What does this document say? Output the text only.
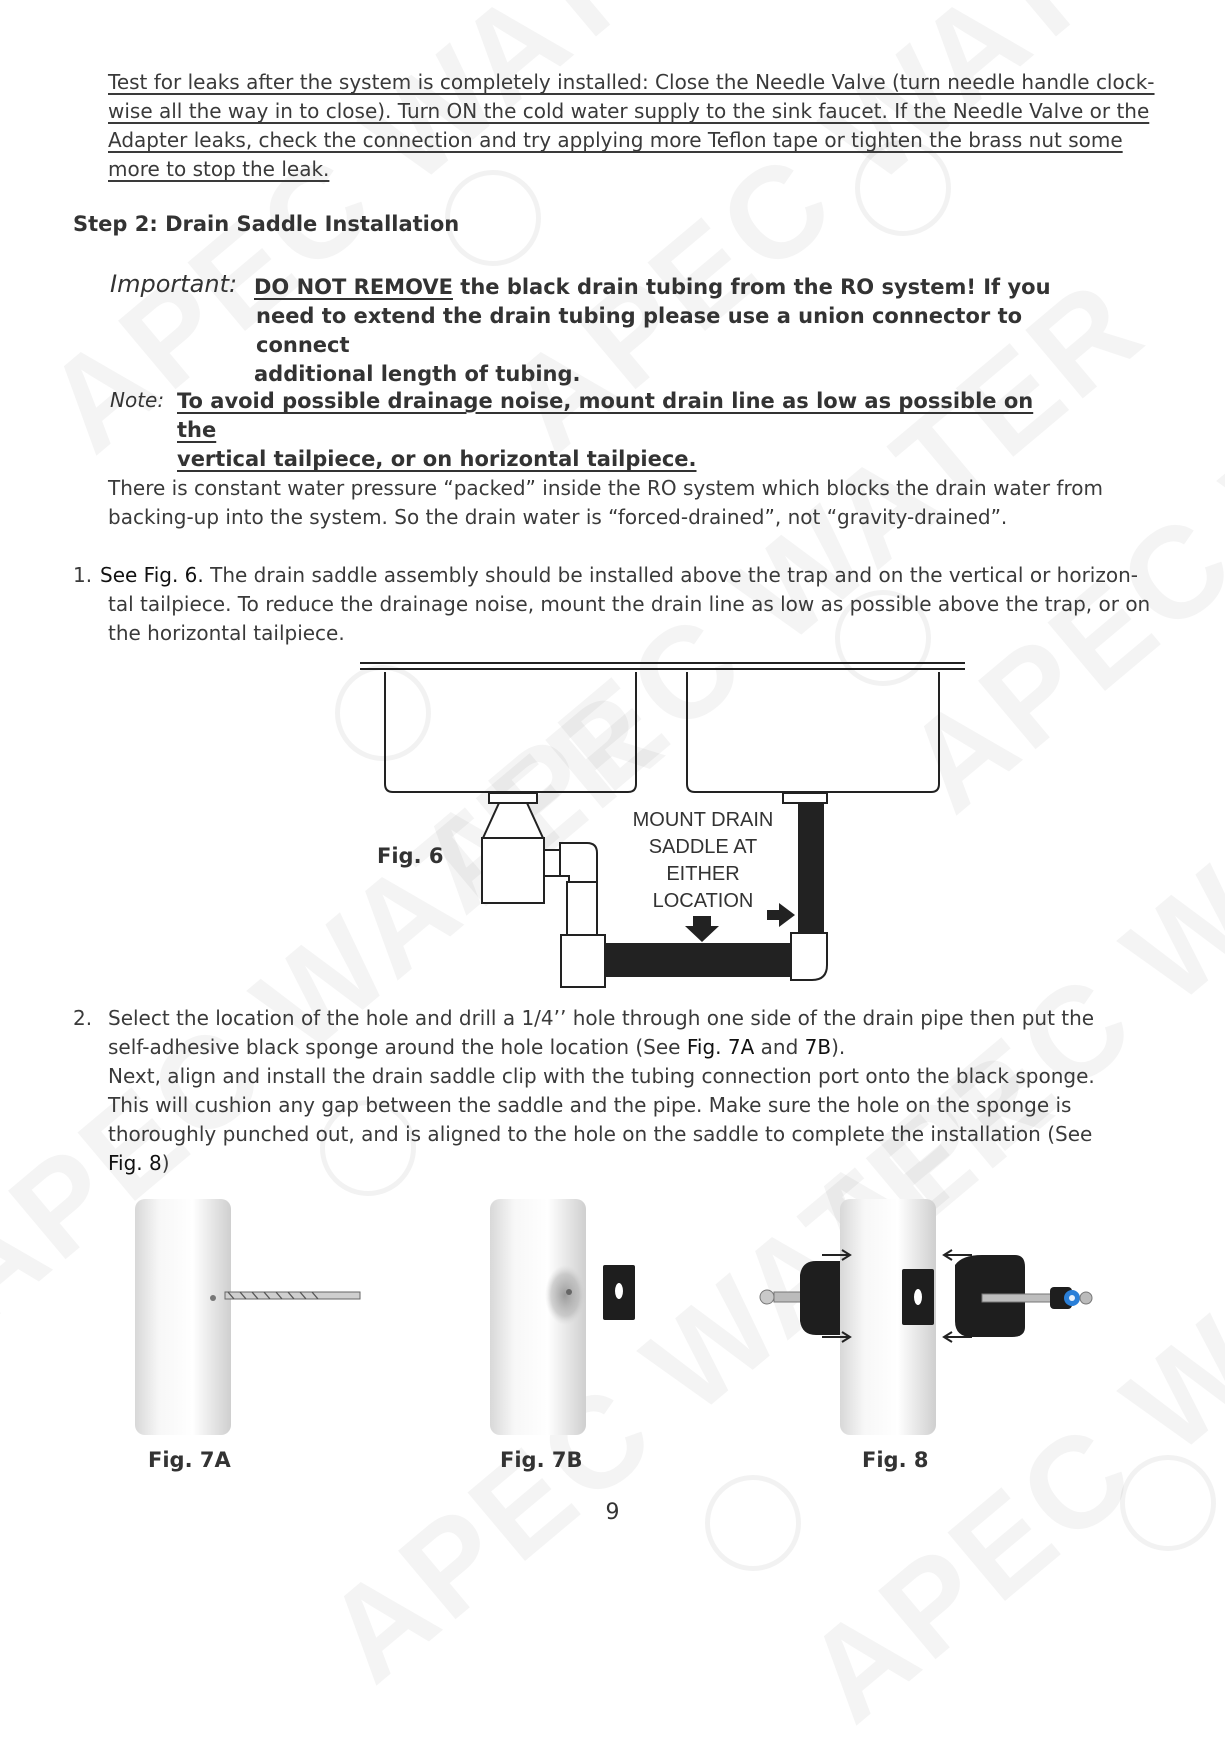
Test for leaks after the system is completely installed: Close the Needle Valve (turn needle handle clock-
wise all the way in to close). Turn ON the cold water supply to the sink faucet. If the Needle Valve or the
Adapter leaks, check the connection and try applying more Teflon tape or tighten the brass nut some
more to stop the leak.
Step 2: Drain Saddle Installation
Important: DO NOT REMOVE the black drain tubing from the RO system! If you
need to extend the drain tubing please use a union connector to connect
additional length of tubing.
Note: To avoid possible drainage noise, mount drain line as low as possible on the
vertical tailpiece, or on horizontal tailpiece.
There is constant water pressure “packed” inside the RO system which blocks the drain water from
backing-up into the system. So the drain water is “forced-drained”, not “gravity-drained”.
1. See Fig. 6. The drain saddle assembly should be installed above the trap and on the vertical or horizon-
tal tailpiece. To reduce the drainage noise, mount the drain line as low as possible above the trap, or on
the horizontal tailpiece.
Fig. 6
MOUNT DRAIN
SADDLE AT
EITHER
LOCATION
2. Select the location of the hole and drill a 1/4’’ hole through one side of the drain pipe then put the
self-adhesive black sponge around the hole location (See Fig. 7A and 7B).
Next, align and install the drain saddle clip with the tubing connection port onto the black sponge.
This will cushion any gap between the saddle and the pipe. Make sure the hole on the sponge is
thoroughly punched out, and is aligned to the hole on the saddle to complete the installation (See
Fig. 8)
Fig. 7A	Fig. 7B	Fig. 8
9
